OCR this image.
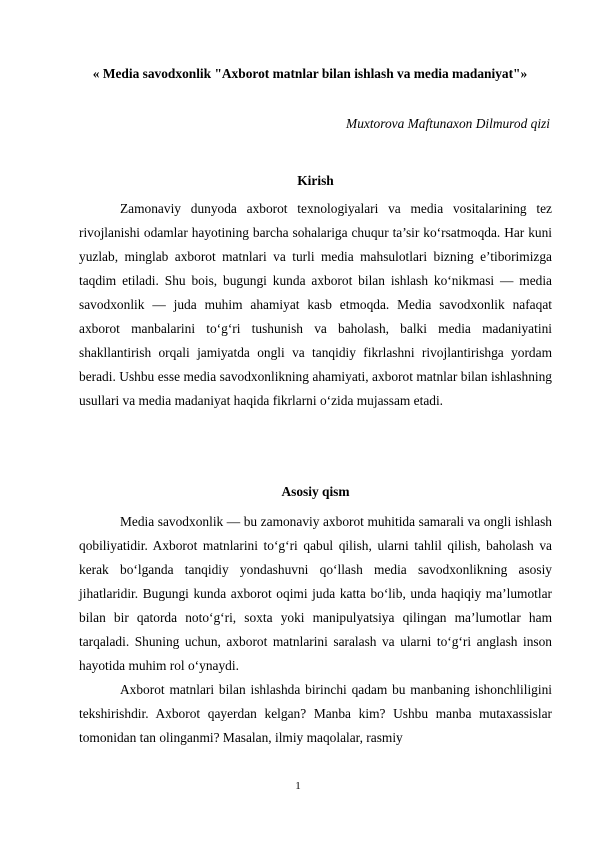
« Media savodxonlik "Axborot matnlar bilan ishlash va media madaniyat"»
Muxtorova Maftunaxon Dilmurod qizi
Kirish

Zamonaviy dunyoda axborot texnologiyalari va media vositalarining tez rivojlanishi odamlar hayotining barcha sohalariga chuqur ta’sir ko‘rsatmoqda. Har kuni yuzlab, minglab axborot matnlari va turli media mahsulotlari bizning e’tiborimizga taqdim etiladi. Shu bois, bugungi kunda axborot bilan ishlash ko‘nikmasi — media savodxonlik — juda muhim ahamiyat kasb etmoqda. Media savodxonlik nafaqat axborot manbalarini to‘g‘ri tushunish va baholash, balki media madaniyatini shakllantirish orqali jamiyatda ongli va tanqidiy fikrlashni rivojlantirishga yordam beradi. Ushbu esse media savodxonlikning ahamiyati, axborot matnlar bilan ishlashning usullari va media madaniyat haqida fikrlarni o‘zida mujassam etadi.

Asosiy qism

Media savodxonlik — bu zamonaviy axborot muhitida samarali va ongli ishlash qobiliyatidir. Axborot matnlarini to‘g‘ri qabul qilish, ularni tahlil qilish, baholash va kerak bo‘lganda tanqidiy yondashuvni qo‘llash media savodxonlikning asosiy jihatlaridir. Bugungi kunda axborot oqimi juda katta bo‘lib, unda haqiqiy ma’lumotlar bilan bir qatorda noto‘g‘ri, soxta yoki manipulyatsiya qilingan ma’lumotlar ham tarqaladi. Shuning uchun, axborot matnlarini saralash va ularni to‘g‘ri anglash inson hayotida muhim rol o‘ynaydi.

Axborot matnlari bilan ishlashda birinchi qadam bu manbaning ishonchliligini tekshirishdir. Axborot qayerdan kelgan? Manba kim? Ushbu manba mutaxassislar tomonidan tan olinganmi? Masalan, ilmiy maqolalar, rasmiy

1
